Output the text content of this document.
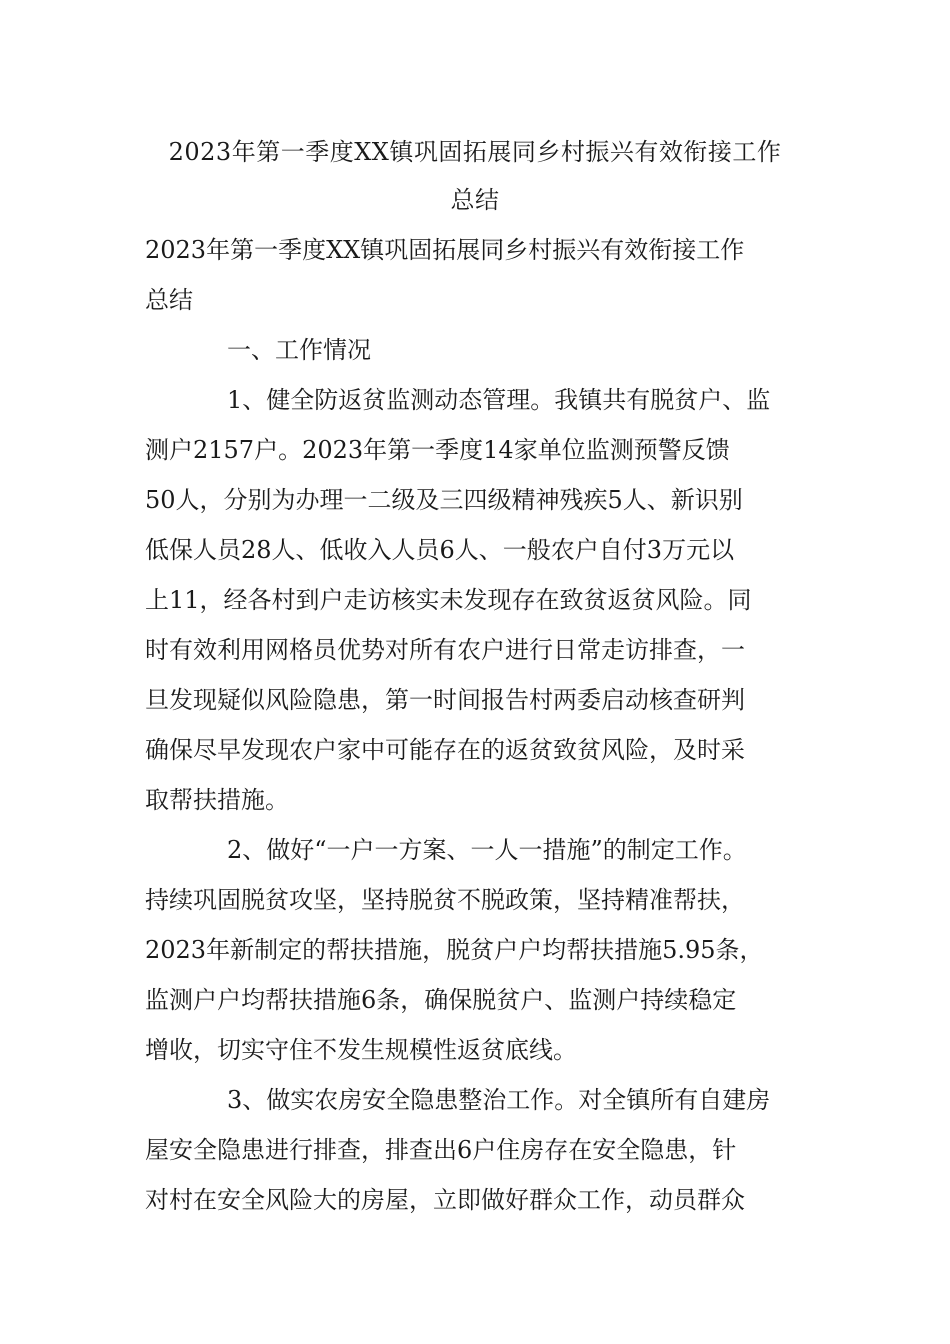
2023年第一季度XX镇巩固拓展同乡村振兴有效衔接工作
总结
2023年第一季度XX镇巩固拓展同乡村振兴有效衔接工作
总结
一、工作情况
1、健全防返贫监测动态管理。我镇共有脱贫户、监
测户2157户。2023年第一季度14家单位监测预警反馈
50人，分别为办理一二级及三四级精神残疾5人、新识别
低保人员28人、低收入人员6人、一般农户自付3万元以
上11，经各村到户走访核实未发现存在致贫返贫风险。同
时有效利用网格员优势对所有农户进行日常走访排查，一
旦发现疑似风险隐患，第一时间报告村两委启动核查研判
确保尽早发现农户家中可能存在的返贫致贫风险，及时采
取帮扶措施。
2、做好“一户一方案、一人一措施”的制定工作。
持续巩固脱贫攻坚，坚持脱贫不脱政策，坚持精准帮扶，
2023年新制定的帮扶措施，脱贫户户均帮扶措施5.95条，
监测户户均帮扶措施6条，确保脱贫户、监测户持续稳定
增收，切实守住不发生规模性返贫底线。
3、做实农房安全隐患整治工作。对全镇所有自建房
屋安全隐患进行排查，排查出6户住房存在安全隐患，针
对村在安全风险大的房屋，立即做好群众工作，动员群众
